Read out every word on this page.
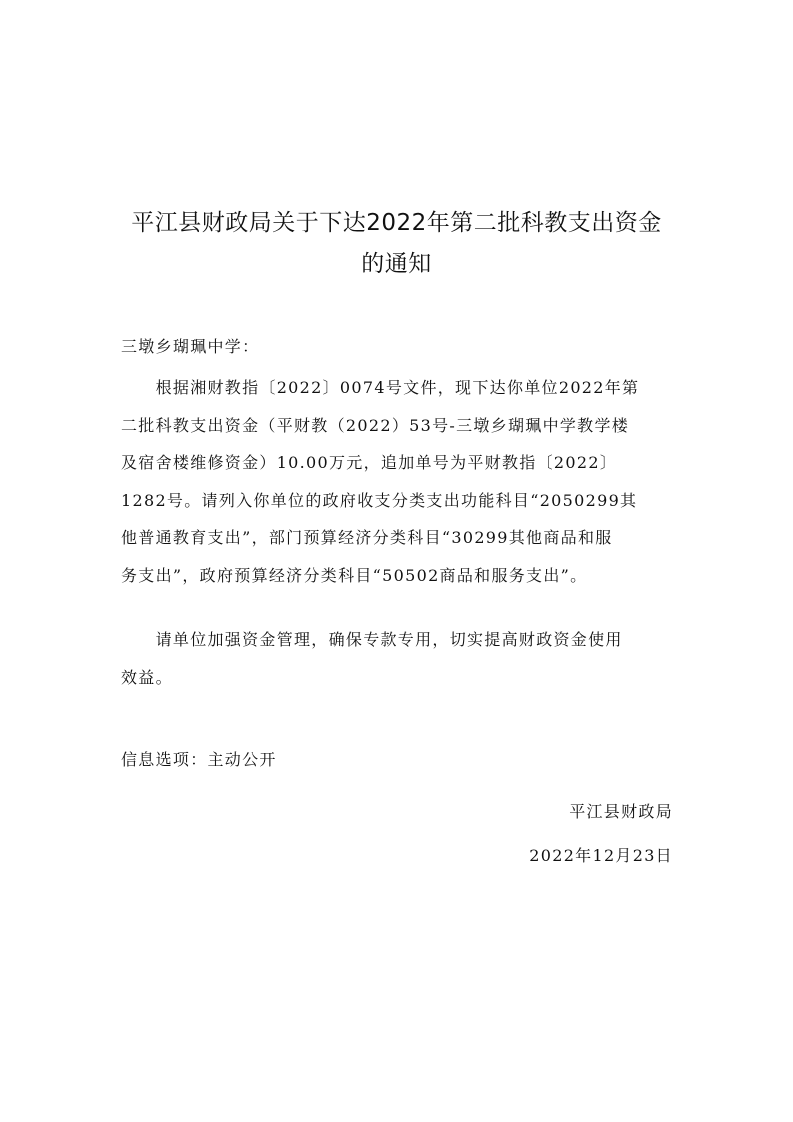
平江县财政局关于下达2022年第二批科教支出资金
的通知
三墩乡瑚珮中学：
　　根据湘财教指〔2022〕0074号文件，现下达你单位2022年第
二批科教支出资金（平财教（2022）53号-三墩乡瑚珮中学教学楼
及宿舍楼维修资金）10.00万元，追加单号为平财教指〔2022〕
1282号。请列入你单位的政府收支分类支出功能科目“2050299其
他普通教育支出”，部门预算经济分类科目“30299其他商品和服
务支出”，政府预算经济分类科目“50502商品和服务支出”。
　　请单位加强资金管理，确保专款专用，切实提高财政资金使用
效益。
信息选项：主动公开
平江县财政局
2022年12月23日
